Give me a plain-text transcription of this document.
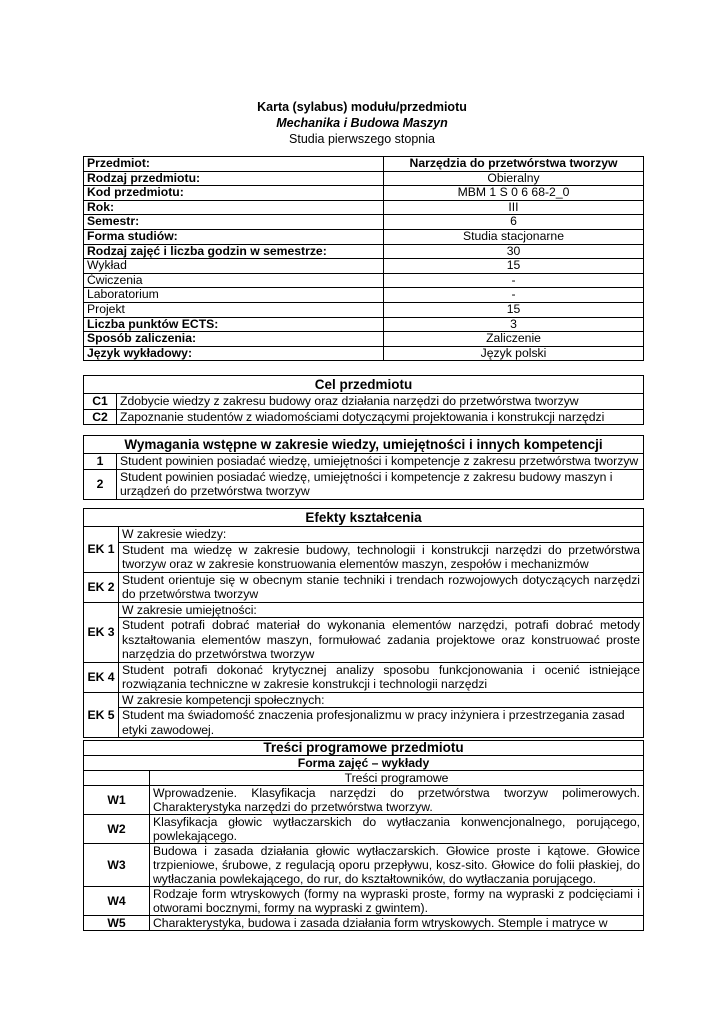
Karta (sylabus) modułu/przedmiotu
Mechanika i Budowa Maszyn
Studia pierwszego stopnia
Przedmiot:	Narzędzia do przetwórstwa tworzyw
Rodzaj przedmiotu:	Obieralny
Kod przedmiotu:	MBM 1 S 0 6 68-2_0
Rok:	III
Semestr:	6
Forma studiów:	Studia stacjonarne
Rodzaj zajęć i liczba godzin w semestrze:	30
Wykład	15
Ćwiczenia	-
Laboratorium	-
Projekt	15
Liczba punktów ECTS:	3
Sposób zaliczenia:	Zaliczenie
Język wykładowy:	Język polski
Cel przedmiotu	
C1	Zdobycie wiedzy z zakresu budowy oraz działania narzędzi do przetwórstwa tworzyw
C2	Zapoznanie studentów z wiadomościami dotyczącymi projektowania i konstrukcji narzędzi
Wymagania wstępne w zakresie wiedzy, umiejętności i innych kompetencji	
1	Student powinien posiadać wiedzę, umiejętności i kompetencje z zakresu przetwórstwa tworzyw
2	Student powinien posiadać wiedzę, umiejętności i kompetencje z zakresu budowy maszyn i urządzeń do przetwórstwa tworzyw
Efekty kształcenia	
EK 1	W zakresie wiedzy:
	Student ma wiedzę w zakresie budowy, technologii i konstrukcji narzędzi do przetwórstwa tworzyw oraz w zakresie konstruowania elementów maszyn, zespołów i mechanizmów
EK 2	Student orientuje się w obecnym stanie techniki i trendach rozwojowych dotyczących narzędzi do przetwórstwa tworzyw
EK 3	W zakresie umiejętności:
	Student potrafi dobrać materiał do wykonania elementów narzędzi, potrafi dobrać metody kształtowania elementów maszyn, formułować zadania projektowe oraz konstruować proste narzędzia do przetwórstwa tworzyw
EK 4	Student potrafi dokonać krytycznej analizy sposobu funkcjonowania i ocenić istniejące rozwiązania techniczne w zakresie konstrukcji i technologii narzędzi
EK 5	W zakresie kompetencji społecznych:
	Student ma świadomość znaczenia profesjonalizmu w pracy inżyniera i przestrzegania zasad etyki zawodowej.
Treści programowe przedmiotu	
Forma zajęć – wykłady	
	Treści programowe
W1	Wprowadzenie. Klasyfikacja narzędzi do przetwórstwa tworzyw polimerowych. Charakterystyka narzędzi do przetwórstwa tworzyw.
W2	Klasyfikacja głowic wytłaczarskich do wytłaczania konwencjonalnego, porującego, powlekającego.
W3	Budowa i zasada działania głowic wytłaczarskich. Głowice proste i kątowe. Głowice trzpieniowe, śrubowe, z regulacją oporu przepływu, kosz-sito. Głowice do folii płaskiej, do wytłaczania powlekającego, do rur, do kształtowników, do wytłaczania porującego.
W4	Rodzaje form wtryskowych (formy na wypraski proste, formy na wypraski z podcięciami i otworami bocznymi, formy na wypraski z gwintem).
W5	Charakterystyka, budowa i zasada działania form wtryskowych. Stemple i matryce w
